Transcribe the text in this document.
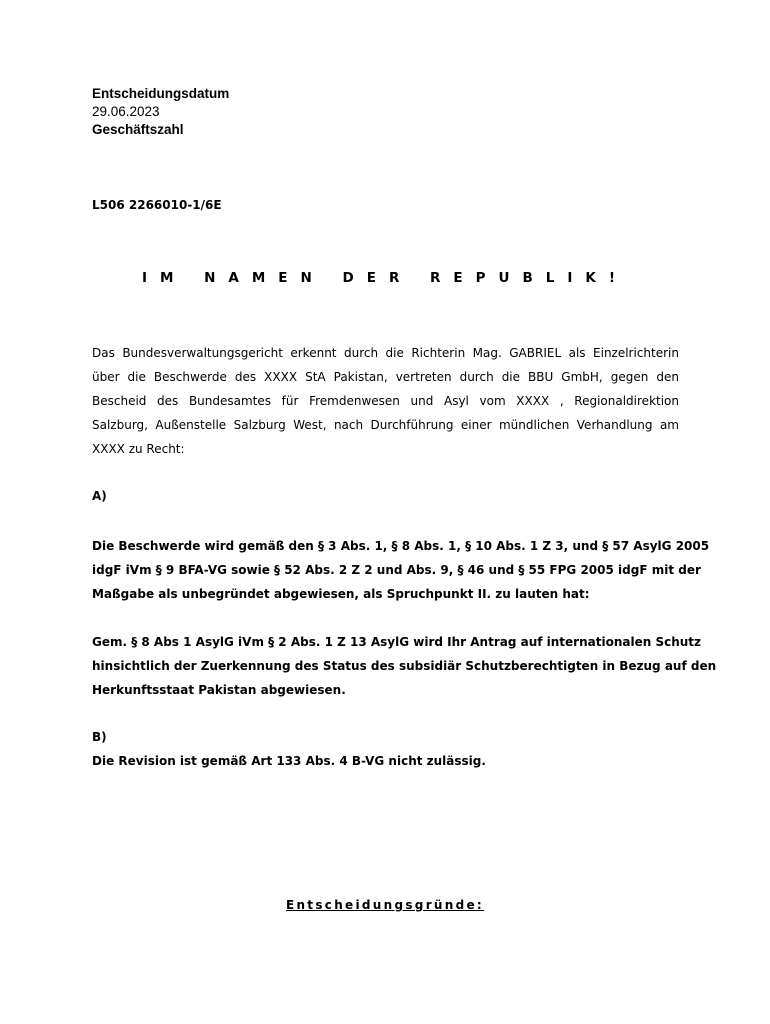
Entscheidungsdatum
29.06.2023
Geschäftszahl
L506 2266010-1/6E
IM NAMEN DER REPUBLIK!

Das Bundesverwaltungsgericht erkennt durch die Richterin Mag. GABRIEL als Einzelrichterin

über die Beschwerde des XXXX StA Pakistan, vertreten durch die BBU GmbH, gegen den

Bescheid des Bundesamtes für Fremdenwesen und Asyl vom XXXX , Regionaldirektion

Salzburg, Außenstelle Salzburg West, nach Durchführung einer mündlichen Verhandlung am

XXXX zu Recht:

A)

Die Beschwerde wird gemäß den § 3 Abs. 1, § 8 Abs. 1, § 10 Abs. 1 Z 3, und § 57 AsylG 2005

idgF iVm § 9 BFA-VG sowie § 52 Abs. 2 Z 2 und Abs. 9, § 46 und § 55 FPG 2005 idgF mit der

Maßgabe als unbegründet abgewiesen, als Spruchpunkt II. zu lauten hat:

Gem. § 8 Abs 1 AsylG iVm § 2 Abs. 1 Z 13 AsylG wird Ihr Antrag auf internationalen Schutz

hinsichtlich der Zuerkennung des Status des subsidiär Schutzberechtigten in Bezug auf den

Herkunftsstaat Pakistan abgewiesen.

B)
Die Revision ist gemäß Art 133 Abs. 4 B-VG nicht zulässig.
Entscheidungsgründe:
